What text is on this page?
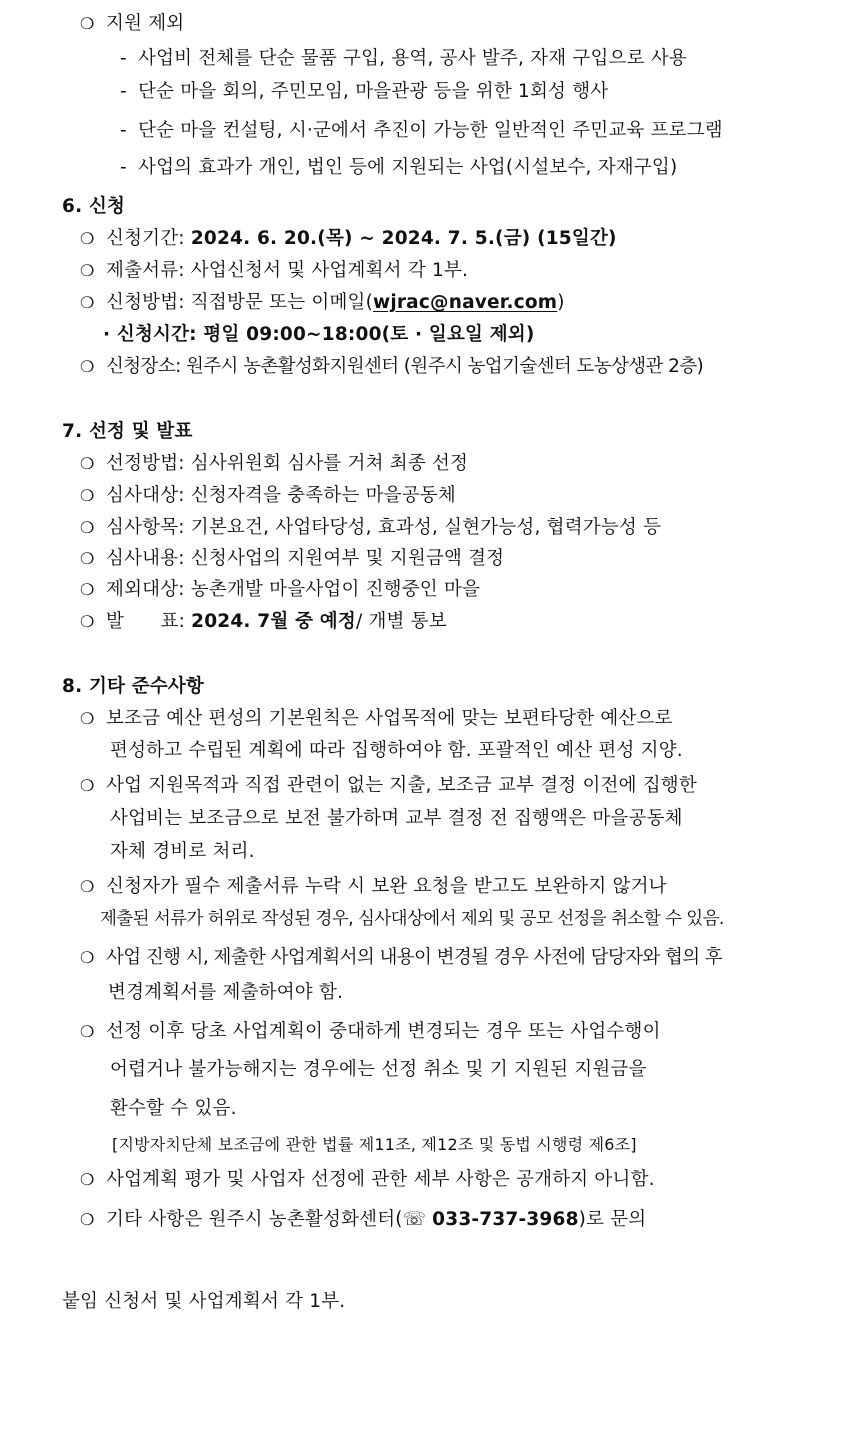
❍ 지원 제외
- 사업비 전체를 단순 물품 구입, 용역, 공사 발주, 자재 구입으로 사용
- 단순 마을 회의, 주민모임, 마을관광 등을 위한 1회성 행사
- 단순 마을 컨설팅, 시·군에서 추진이 가능한 일반적인 주민교육 프로그램
- 사업의 효과가 개인, 법인 등에 지원되는 사업(시설보수, 자재구입)
6. 신청
❍ 신청기간: 2024. 6. 20.(목) ~ 2024. 7. 5.(금) (15일간)
❍ 제출서류: 사업신청서 및 사업계획서 각 1부.
❍ 신청방법: 직접방문 또는 이메일(wjrac@naver.com)
· 신청시간: 평일 09:00~18:00(토 · 일요일 제외)
❍ 신청장소: 원주시 농촌활성화지원센터 (원주시 농업기술센터 도농상생관 2층)
7. 선정 및 발표
❍ 선정방법: 심사위원회 심사를 거쳐 최종 선정
❍ 심사대상: 신청자격을 충족하는 마을공동체
❍ 심사항목: 기본요건, 사업타당성, 효과성, 실현가능성, 협력가능성 등
❍ 심사내용: 신청사업의 지원여부 및 지원금액 결정
❍ 제외대상: 농촌개발 마을사업이 진행중인 마을
❍ 발      표: 2024. 7월 중 예정/ 개별 통보
8. 기타 준수사항
❍ 보조금 예산 편성의 기본원칙은 사업목적에 맞는 보편타당한 예산으로
편성하고 수립된 계획에 따라 집행하여야 함. 포괄적인 예산 편성 지양.
❍ 사업 지원목적과 직접 관련이 없는 지출, 보조금 교부 결정 이전에 집행한
사업비는 보조금으로 보전 불가하며 교부 결정 전 집행액은 마을공동체
자체 경비로 처리.
❍ 신청자가 필수 제출서류 누락 시 보완 요청을 받고도 보완하지 않거나
제출된 서류가 허위로 작성된 경우, 심사대상에서 제외 및 공모 선정을 취소할 수 있음.
❍ 사업 진행 시, 제출한 사업계획서의 내용이 변경될 경우 사전에 담당자와 협의 후
변경계획서를 제출하여야 함.
❍ 선정 이후 당초 사업계획이 중대하게 변경되는 경우 또는 사업수행이
어렵거나 불가능해지는 경우에는 선정 취소 및 기 지원된 지원금을
환수할 수 있음.
[지방자치단체 보조금에 관한 법률 제11조, 제12조 및 동법 시행령 제6조]
❍ 사업계획 평가 및 사업자 선정에 관한 세부 사항은 공개하지 아니함.
❍ 기타 사항은 원주시 농촌활성화센터(☏ 033-737-3968)로 문의
붙임 신청서 및 사업계획서 각 1부.
